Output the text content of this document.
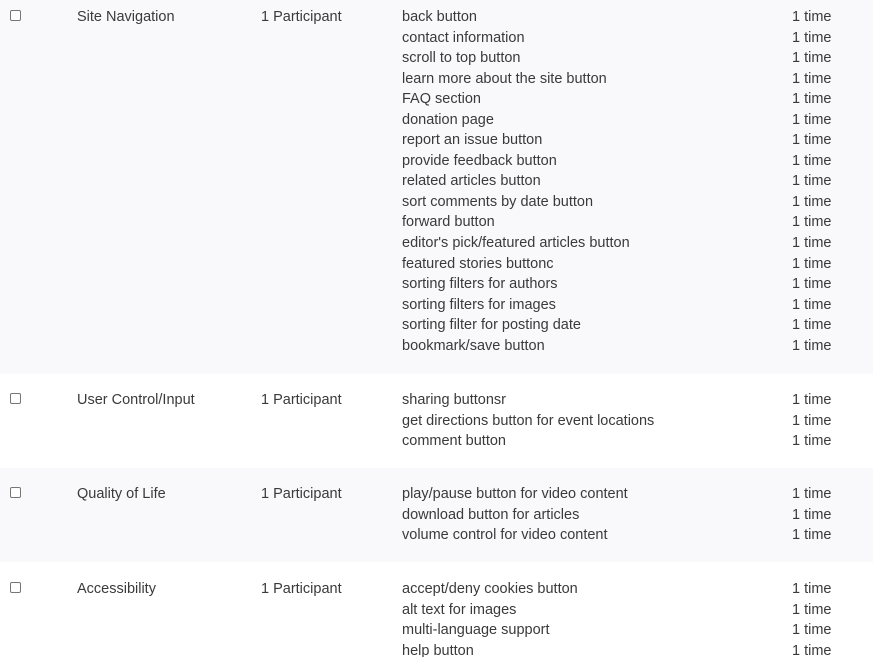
Site Navigation	1 Participant	back button	1 time
contact information	1 time
scroll to top button	1 time
learn more about the site button	1 time
FAQ section	1 time
donation page	1 time
report an issue button	1 time
provide feedback button	1 time
related articles button	1 time
sort comments by date button	1 time
forward button	1 time
editor's pick/featured articles button	1 time
featured stories buttonc	1 time
sorting filters for authors	1 time
sorting filters for images	1 time
sorting filter for posting date	1 time
bookmark/save button	1 time
User Control/Input	1 Participant	sharing buttonsr	1 time
get directions button for event locations	1 time
comment button	1 time
Quality of Life	1 Participant	play/pause button for video content	1 time
download button for articles	1 time
volume control for video content	1 time
Accessibility	1 Participant	accept/deny cookies button	1 time
alt text for images	1 time
multi-language support	1 time
help button	1 time
